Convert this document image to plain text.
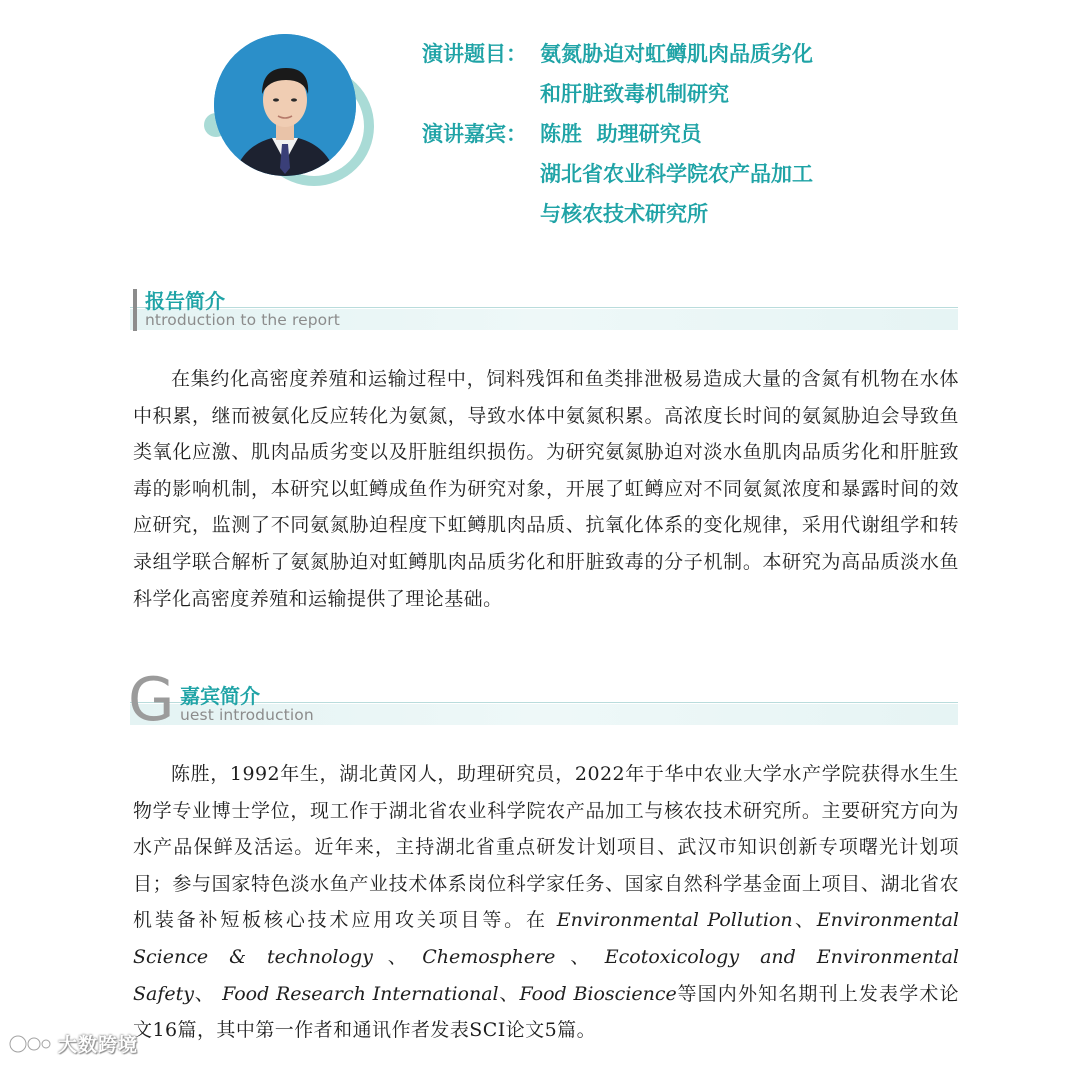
演讲题目： 氨氮胁迫对虹鳟肌肉品质劣化
和肝脏致毒机制研究
演讲嘉宾： 陈胜  助理研究员
湖北省农业科学院农产品加工
与核农技术研究所
报告简介
ntroduction to the report
在集约化高密度养殖和运输过程中，饲料残饵和鱼类排泄极易造成大量的含氮有机物在水体中积累，继而被氨化反应转化为氨氮，导致水体中氨氮积累。高浓度长时间的氨氮胁迫会导致鱼类氧化应激、肌肉品质劣变以及肝脏组织损伤。为研究氨氮胁迫对淡水鱼肌肉品质劣化和肝脏致毒的影响机制，本研究以虹鳟成鱼作为研究对象，开展了虹鳟应对不同氨氮浓度和暴露时间的效应研究，监测了不同氨氮胁迫程度下虹鳟肌肉品质、抗氧化体系的变化规律，采用代谢组学和转录组学联合解析了氨氮胁迫对虹鳟肌肉品质劣化和肝脏致毒的分子机制。本研究为高品质淡水鱼科学化高密度养殖和运输提供了理论基础。
G 嘉宾简介
uest introduction
陈胜，1992年生，湖北黄冈人，助理研究员，2022年于华中农业大学水产学院获得水生生物学专业博士学位，现工作于湖北省农业科学院农产品加工与核农技术研究所。主要研究方向为水产品保鲜及活运。近年来，主持湖北省重点研发计划项目、武汉市知识创新专项曙光计划项目；参与国家特色淡水鱼产业技术体系岗位科学家任务、国家自然科学基金面上项目、湖北省农机装备补短板核心技术应用攻关项目等。在 Environmental Pollution、Environmental Science & technology、Chemosphere、Ecotoxicology and Environmental Safety、 Food Research International、Food Bioscience等国内外知名期刊上发表学术论文16篇，其中第一作者和通讯作者发表SCI论文5篇。
大数跨境
